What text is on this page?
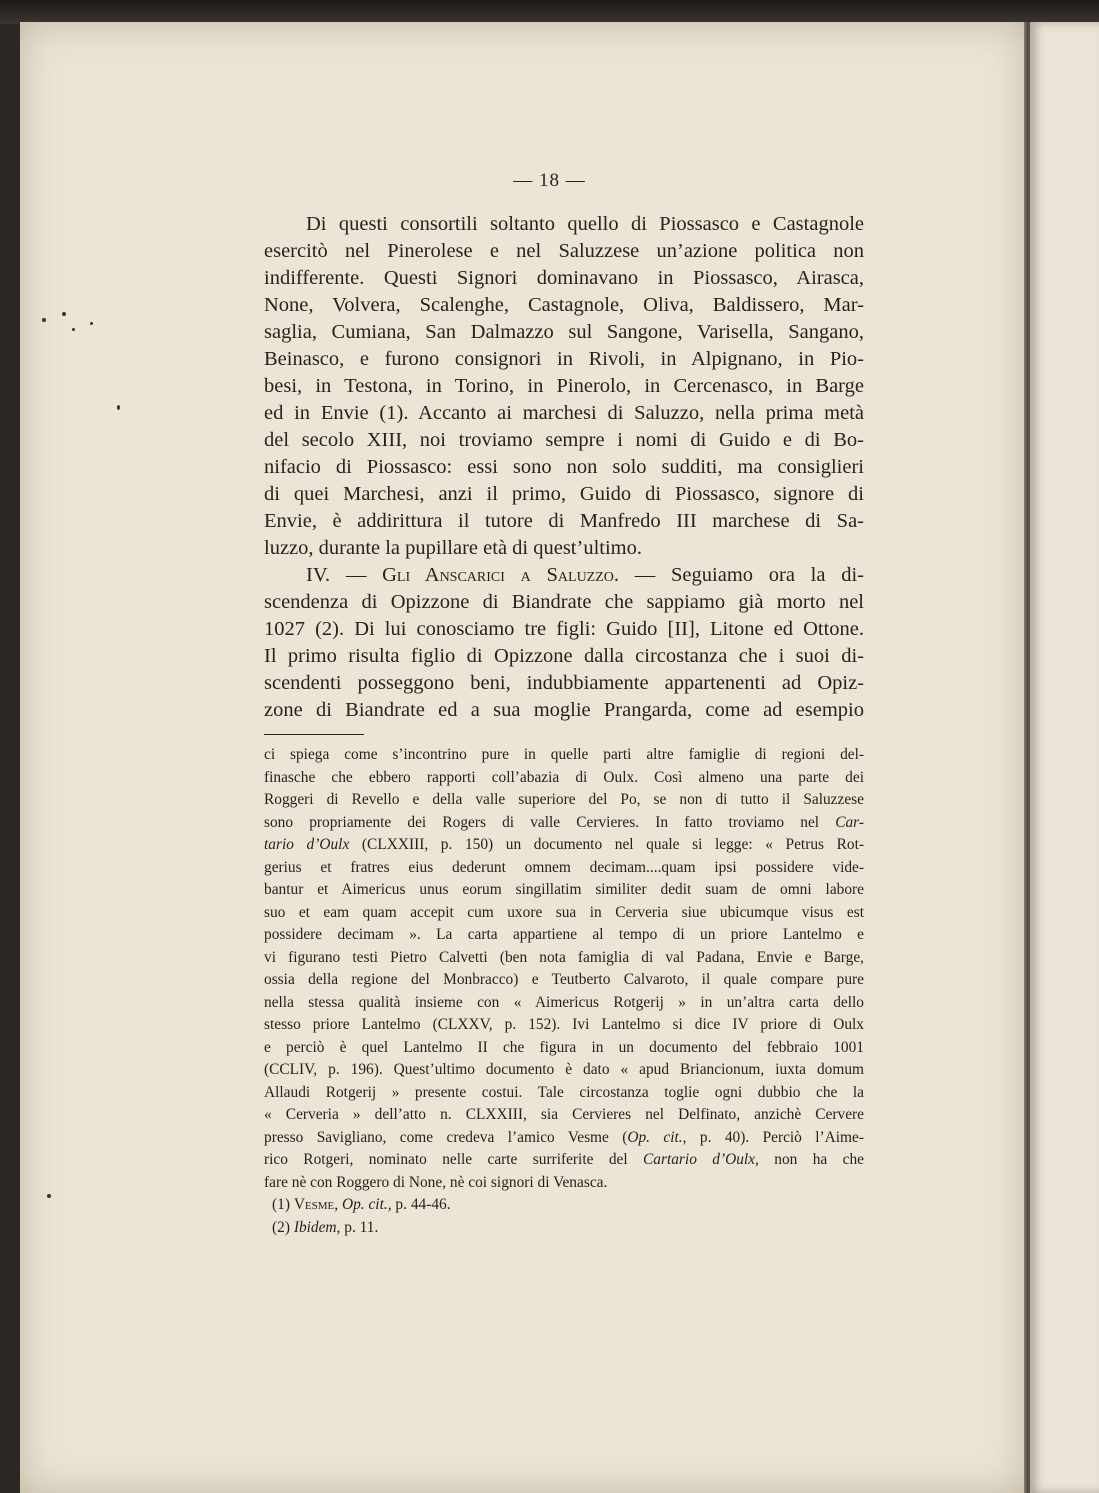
— 18 —
Di questi consortili soltanto quello di Piossasco e Castagnole
esercitò nel Pinerolese e nel Saluzzese un’azione politica non
indifferente. Questi Signori dominavano in Piossasco, Airasca,
None, Volvera, Scalenghe, Castagnole, Oliva, Baldissero, Mar-
saglia, Cumiana, San Dalmazzo sul Sangone, Varisella, Sangano,
Beinasco, e furono consignori in Rivoli, in Alpignano, in Pio-
besi, in Testona, in Torino, in Pinerolo, in Cercenasco, in Barge
ed in Envie (1). Accanto ai marchesi di Saluzzo, nella prima metà
del secolo XIII, noi troviamo sempre i nomi di Guido e di Bo-
nifacio di Piossasco: essi sono non solo sudditi, ma consiglieri
di quei Marchesi, anzi il primo, Guido di Piossasco, signore di
Envie, è addirittura il tutore di Manfredo III marchese di Sa-
luzzo, durante la pupillare età di quest’ultimo.
IV. — Gli Anscarici a Saluzzo. — Seguiamo ora la di-
scendenza di Opizzone di Biandrate che sappiamo già morto nel
1027 (2). Di lui conosciamo tre figli: Guido [II], Litone ed Ottone.
Il primo risulta figlio di Opizzone dalla circostanza che i suoi di-
scendenti posseggono beni, indubbiamente appartenenti ad Opiz-
zone di Biandrate ed a sua moglie Prangarda, come ad esempio
ci spiega come s’incontrino pure in quelle parti altre famiglie di regioni del-
finasche che ebbero rapporti coll’abazia di Oulx. Così almeno una parte dei
Roggeri di Revello e della valle superiore del Po, se non di tutto il Saluzzese
sono propriamente dei Rogers di valle Cervieres. In fatto troviamo nel Car-
tario d’Oulx (CLXXIII, p. 150) un documento nel quale si legge: « Petrus Rot-
gerius et fratres eius dederunt omnem decimam....quam ipsi possidere vide-
bantur et Aimericus unus eorum singillatim similiter dedit suam de omni labore
suo et eam quam accepit cum uxore sua in Cerveria siue ubicumque visus est
possidere decimam ». La carta appartiene al tempo di un priore Lantelmo e
vi figurano testi Pietro Calvetti (ben nota famiglia di val Padana, Envie e Barge,
ossia della regione del Monbracco) e Teutberto Calvaroto, il quale compare pure
nella stessa qualità insieme con « Aimericus Rotgerij » in un’altra carta dello
stesso priore Lantelmo (CLXXV, p. 152). Ivi Lantelmo si dice IV priore di Oulx
e perciò è quel Lantelmo II che figura in un documento del febbraio 1001
(CCLIV, p. 196). Quest’ultimo documento è dato « apud Briancionum, iuxta domum
Allaudi Rotgerij » presente costui. Tale circostanza toglie ogni dubbio che la
« Cerveria » dell’atto n. CLXXIII, sia Cervieres nel Delfinato, anzichè Cervere
presso Savigliano, come credeva l’amico Vesme (Op. cit., p. 40). Perciò l’Aime-
rico Rotgeri, nominato nelle carte surriferite del Cartario d’Oulx, non ha che
fare nè con Roggero di None, nè coi signori di Venasca.
(1) Vesme, Op. cit., p. 44-46.
(2) Ibidem, p. 11.
